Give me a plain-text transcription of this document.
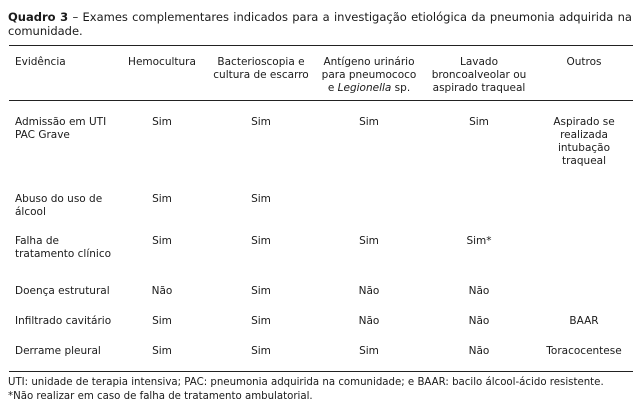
Quadro 3 – Exames complementares indicados para a investigação etiológica da pneumonia adquirida na comunidade.
Evidência	Hemocultura	Bacterioscopia e cultura de escarro	Antígeno urinário para pneumococo e Legionella sp.	Lavado broncoalveolar ou aspirado traqueal	Outros

Admissão em UTI PAC Grave	Sim	Sim	Sim	Sim	Aspirado se realizada intubação traqueal
Abuso do uso de álcool	Sim	Sim			
Falha de tratamento clínico	Sim	Sim	Sim	Sim*	
Doença estrutural	Não	Sim	Não	Não	
Infiltrado cavitário	Sim	Sim	Não	Não	BAAR
Derrame pleural	Sim	Sim	Sim	Não	Toracocentese
UTI: unidade de terapia intensiva; PAC: pneumonia adquirida na comunidade; e BAAR: bacilo álcool-ácido resistente.
*Não realizar em caso de falha de tratamento ambulatorial.
